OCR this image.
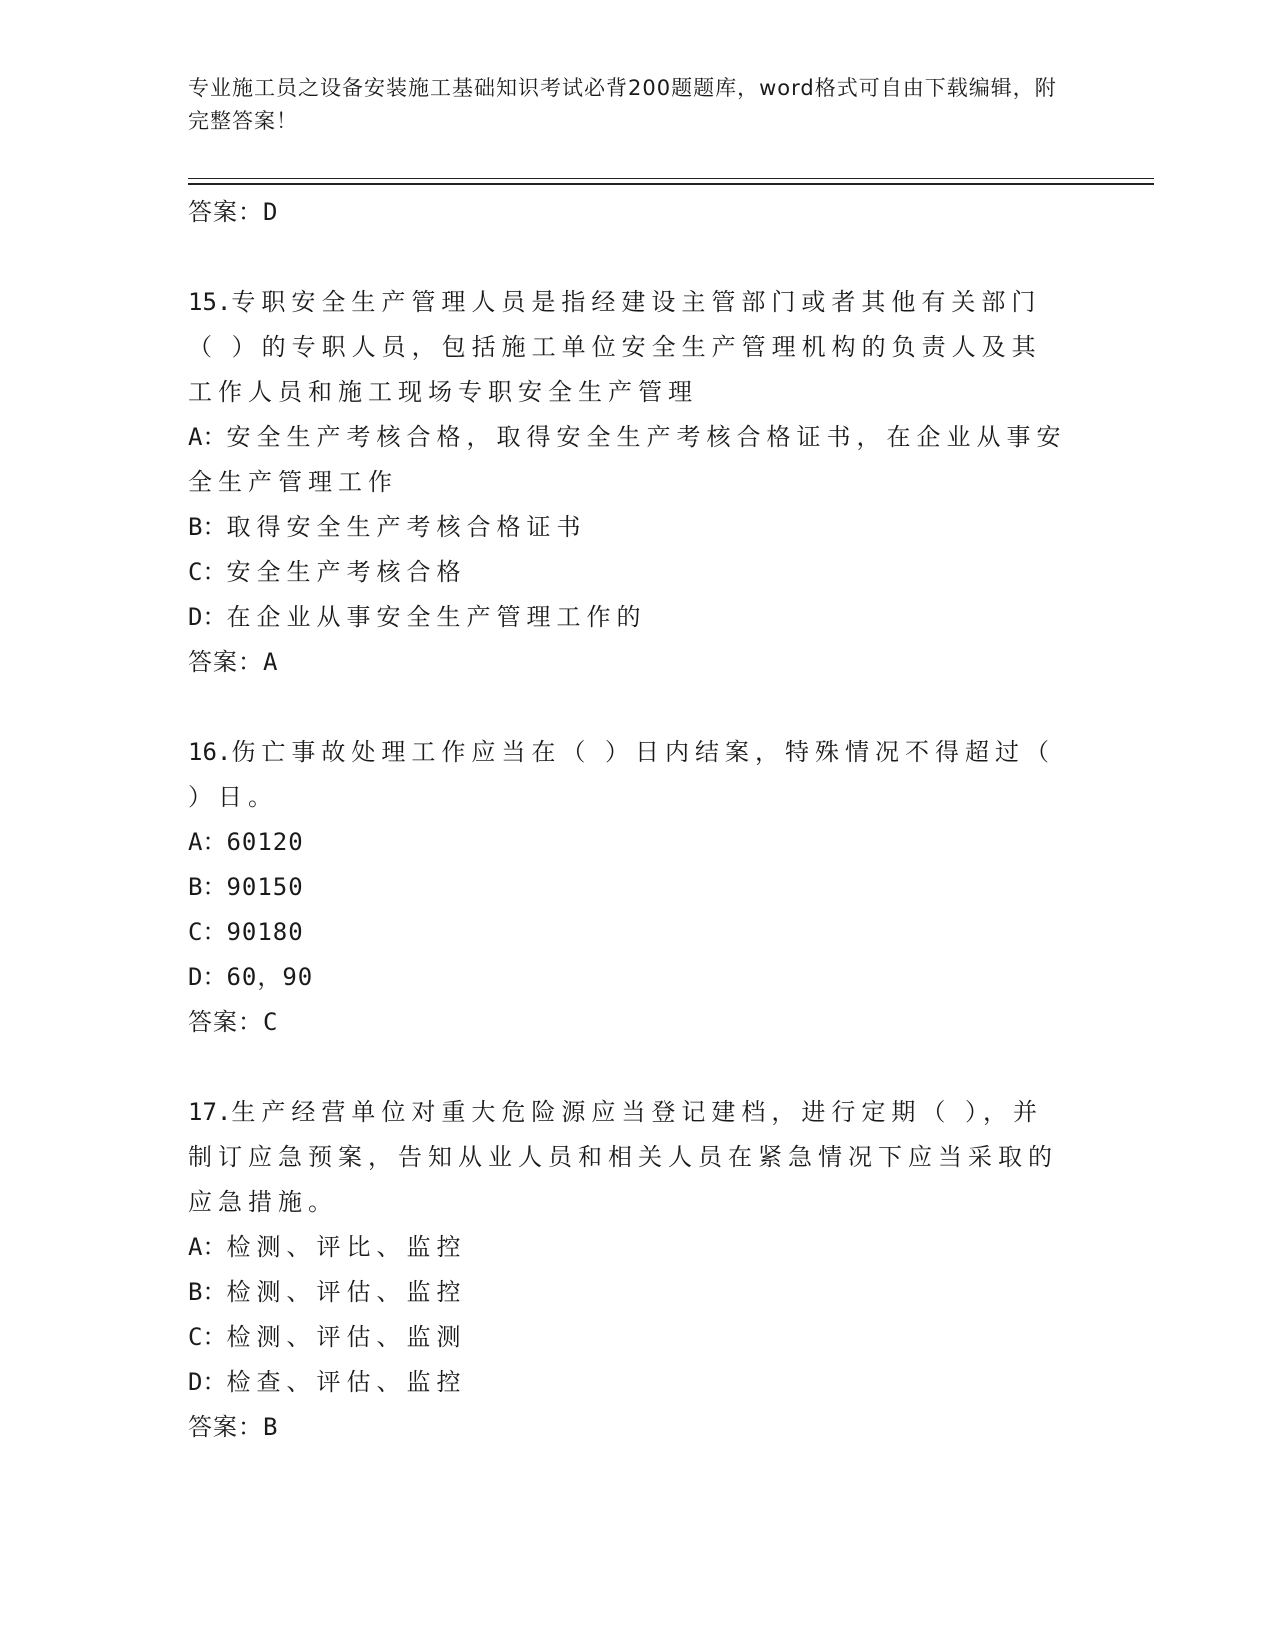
专业施工员之设备安装施工基础知识考试必背200题题库，word格式可自由下载编辑，附完整答案！
答案：D
15.专职安全生产管理人员是指经建设主管部门或者其他有关部门（ ）的专职人员，包括施工单位安全生产管理机构的负责人及其工作人员和施工现场专职安全生产管理
A：安全生产考核合格，取得安全生产考核合格证书，在企业从事安全生产管理工作
B：取得安全生产考核合格证书
C：安全生产考核合格
D：在企业从事安全生产管理工作的
答案：A
16.伤亡事故处理工作应当在（ ）日内结案，特殊情况不得超过（ ）日。
A：60120
B：90150
C：90180
D：60，90
答案：C
17.生产经营单位对重大危险源应当登记建档，进行定期（ ），并制订应急预案，告知从业人员和相关人员在紧急情况下应当采取的应急措施。
A：检测、评比、监控
B：检测、评估、监控
C：检测、评估、监测
D：检查、评估、监控
答案：B
